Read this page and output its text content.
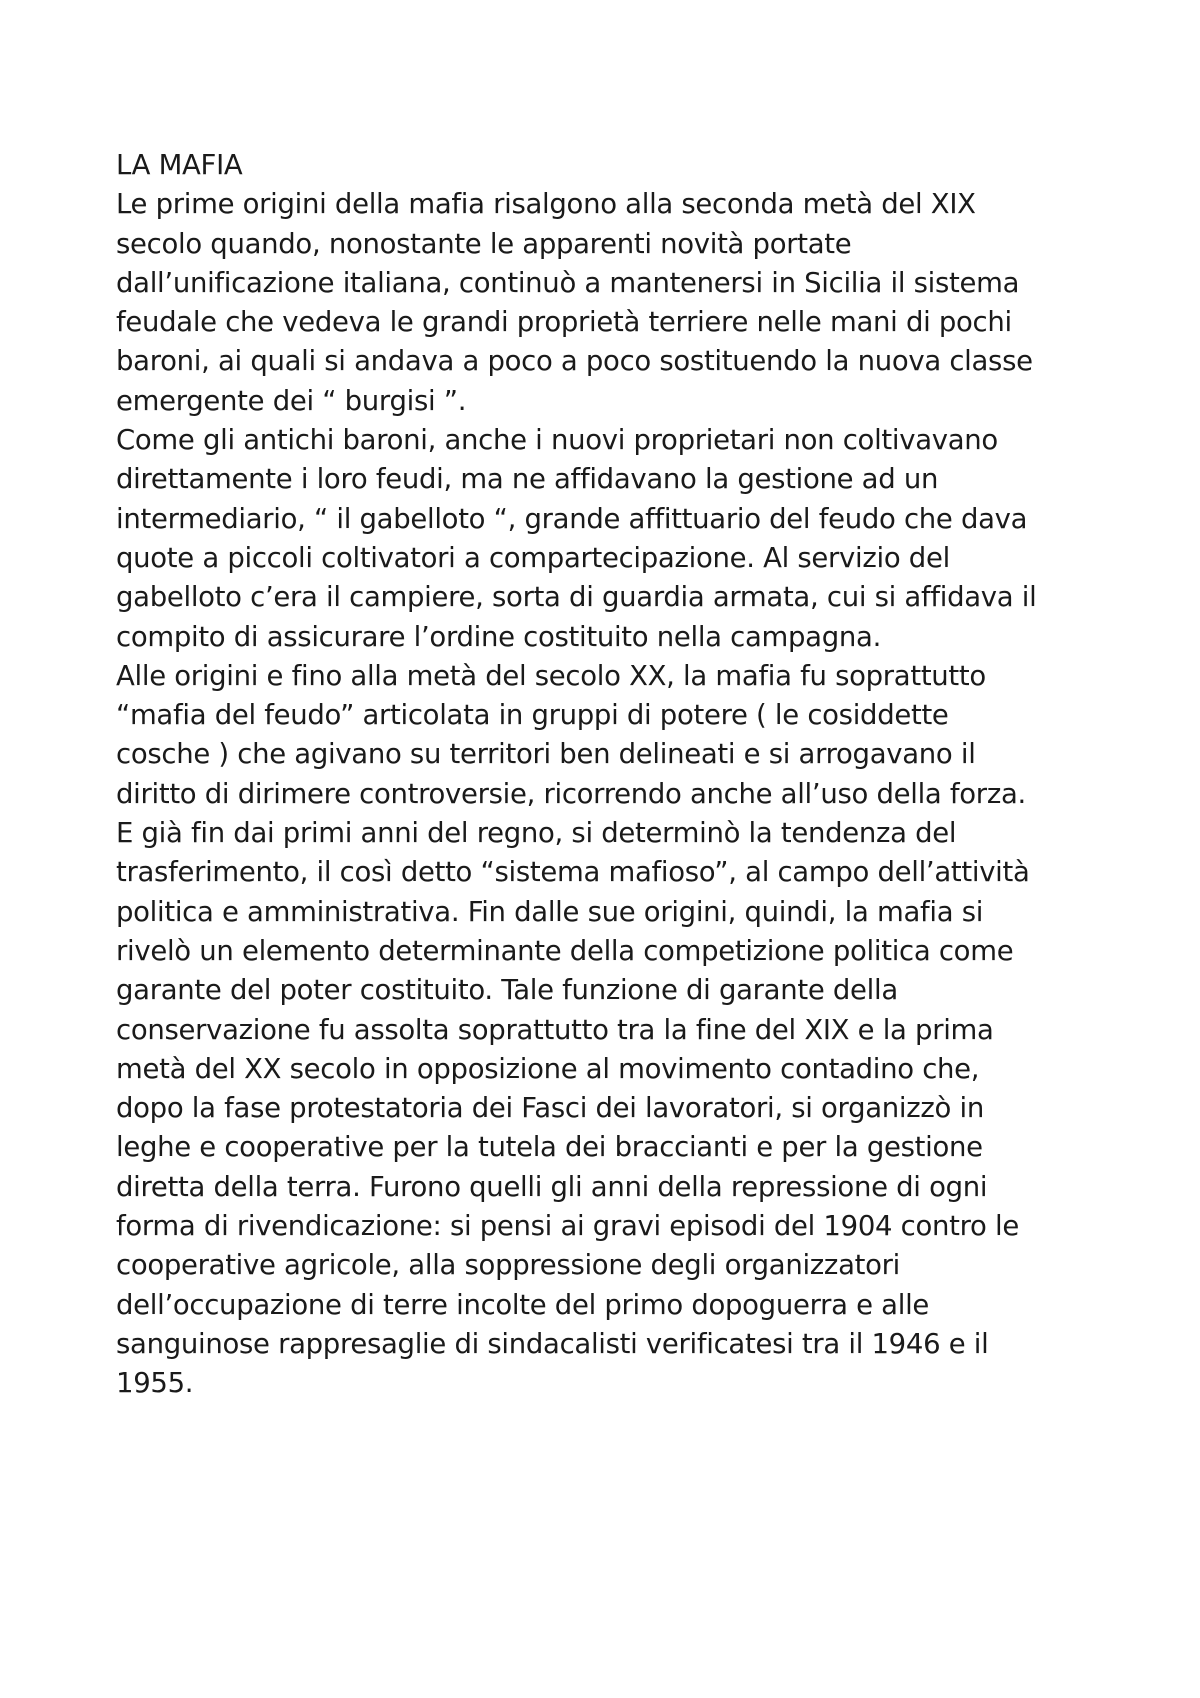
LA MAFIA
Le prime origini della mafia risalgono alla seconda metà del XIX
secolo quando, nonostante le apparenti novità portate
dall’unificazione italiana, continuò a mantenersi in Sicilia il sistema
feudale che vedeva le grandi proprietà terriere nelle mani di pochi
baroni, ai quali si andava a poco a poco sostituendo la nuova classe
emergente dei “ burgisi ”.
Come gli antichi baroni, anche i nuovi proprietari non coltivavano
direttamente i loro feudi, ma ne affidavano la gestione ad un
intermediario, “ il gabelloto “, grande affittuario del feudo che dava
quote a piccoli coltivatori a compartecipazione. Al servizio del
gabelloto c’era il campiere, sorta di guardia armata, cui si affidava il
compito di assicurare l’ordine costituito nella campagna.
Alle origini e fino alla metà del secolo XX, la mafia fu soprattutto
“mafia del feudo” articolata in gruppi di potere ( le cosiddette
cosche ) che agivano su territori ben delineati e si arrogavano il
diritto di dirimere controversie, ricorrendo anche all’uso della forza.
E già fin dai primi anni del regno, si determinò la tendenza del
trasferimento, il così detto “sistema mafioso”, al campo dell’attività
politica e amministrativa. Fin dalle sue origini, quindi, la mafia si
rivelò un elemento determinante della competizione politica come
garante del poter costituito. Tale funzione di garante della
conservazione fu assolta soprattutto tra la fine del XIX e la prima
metà del XX secolo in opposizione al movimento contadino che,
dopo la fase protestatoria dei Fasci dei lavoratori, si organizzò in
leghe e cooperative per la tutela dei braccianti e per la gestione
diretta della terra. Furono quelli gli anni della repressione di ogni
forma di rivendicazione: si pensi ai gravi episodi del 1904 contro le
cooperative agricole, alla soppressione degli organizzatori
dell’occupazione di terre incolte del primo dopoguerra e alle
sanguinose rappresaglie di sindacalisti verificatesi tra il 1946 e il
1955.
